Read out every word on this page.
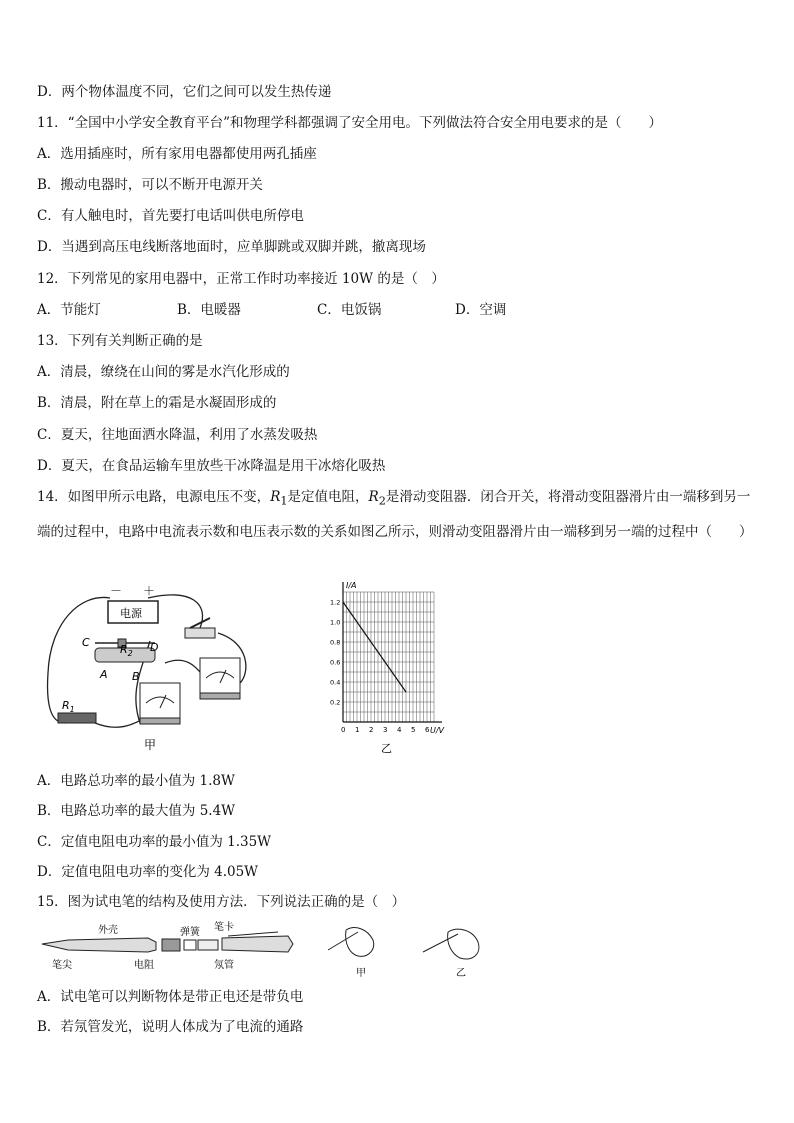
D．两个物体温度不同，它们之间可以发生热传递
11．“全国中小学安全教育平台”和物理学科都强调了安全用电。下列做法符合安全用电要求的是（　　）
A．选用插座时，所有家用电器都使用两孔插座
B．搬动电器时，可以不断开电源开关
C．有人触电时，首先要打电话叫供电所停电
D．当遇到高压电线断落地面时，应单脚跳或双脚并跳，撤离现场
12．下列常见的家用电器中，正常工作时功率接近 10W 的是（　）
A．节能灯	B．电暖器	C．电饭锅	D．空调
13．下列有关判断正确的是
A．清晨，缭绕在山间的雾是水汽化形成的
B．清晨，附在草上的霜是水凝固形成的
C．夏天，往地面洒水降温，利用了水蒸发吸热
D．夏天，在食品运输车里放些干冰降温是用干冰熔化吸热
14．如图甲所示电路，电源电压不变，$R_1$是定值电阻，$R_2$是滑动变阻器．闭合开关，将滑动变阻器滑片由一端移到另一端的过程中，电路中电流表示数和电压表示数的关系如图乙所示，则滑动变阻器滑片由一端移到另一端的过程中（　　）
电源
－ ＋
C	D
A B
$R_2$
$R_1$
甲
I/A
U/V
乙
0 1 2 3 4 5 6
0.2
0.4
0.6
0.8
1.0
1.2
A．电路总功率的最小值为 1.8W
B．电路总功率的最大值为 5.4W
C．定值电阻电功率的最小值为 1.35W
D．定值电阻电功率的变化为 4.05W
15．图为试电笔的结构及使用方法．下列说法正确的是（　）
外壳	笔卡
弹簧
笔尖	电阻	氖管
甲	乙
A．试电笔可以判断物体是带正电还是带负电
B．若氖管发光，说明人体成为了电流的通路
